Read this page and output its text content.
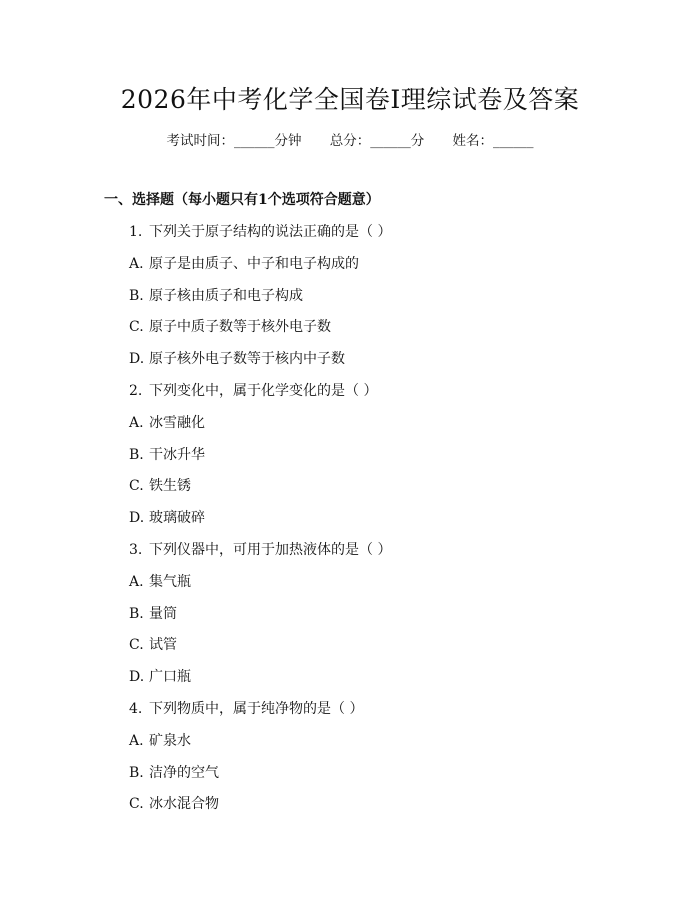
2026年中考化学全国卷Ⅰ理综试卷及答案
考试时间：______分钟 总分：______分 姓名：______
一、选择题（每小题只有1个选项符合题意）
1. 下列关于原子结构的说法正确的是（ ）
A. 原子是由质子、中子和电子构成的
B. 原子核由质子和电子构成
C. 原子中质子数等于核外电子数
D. 原子核外电子数等于核内中子数
2. 下列变化中，属于化学变化的是（ ）
A. 冰雪融化
B. 干冰升华
C. 铁生锈
D. 玻璃破碎
3. 下列仪器中，可用于加热液体的是（ ）
A. 集气瓶
B. 量筒
C. 试管
D. 广口瓶
4. 下列物质中，属于纯净物的是（ ）
A. 矿泉水
B. 洁净的空气
C. 冰水混合物
